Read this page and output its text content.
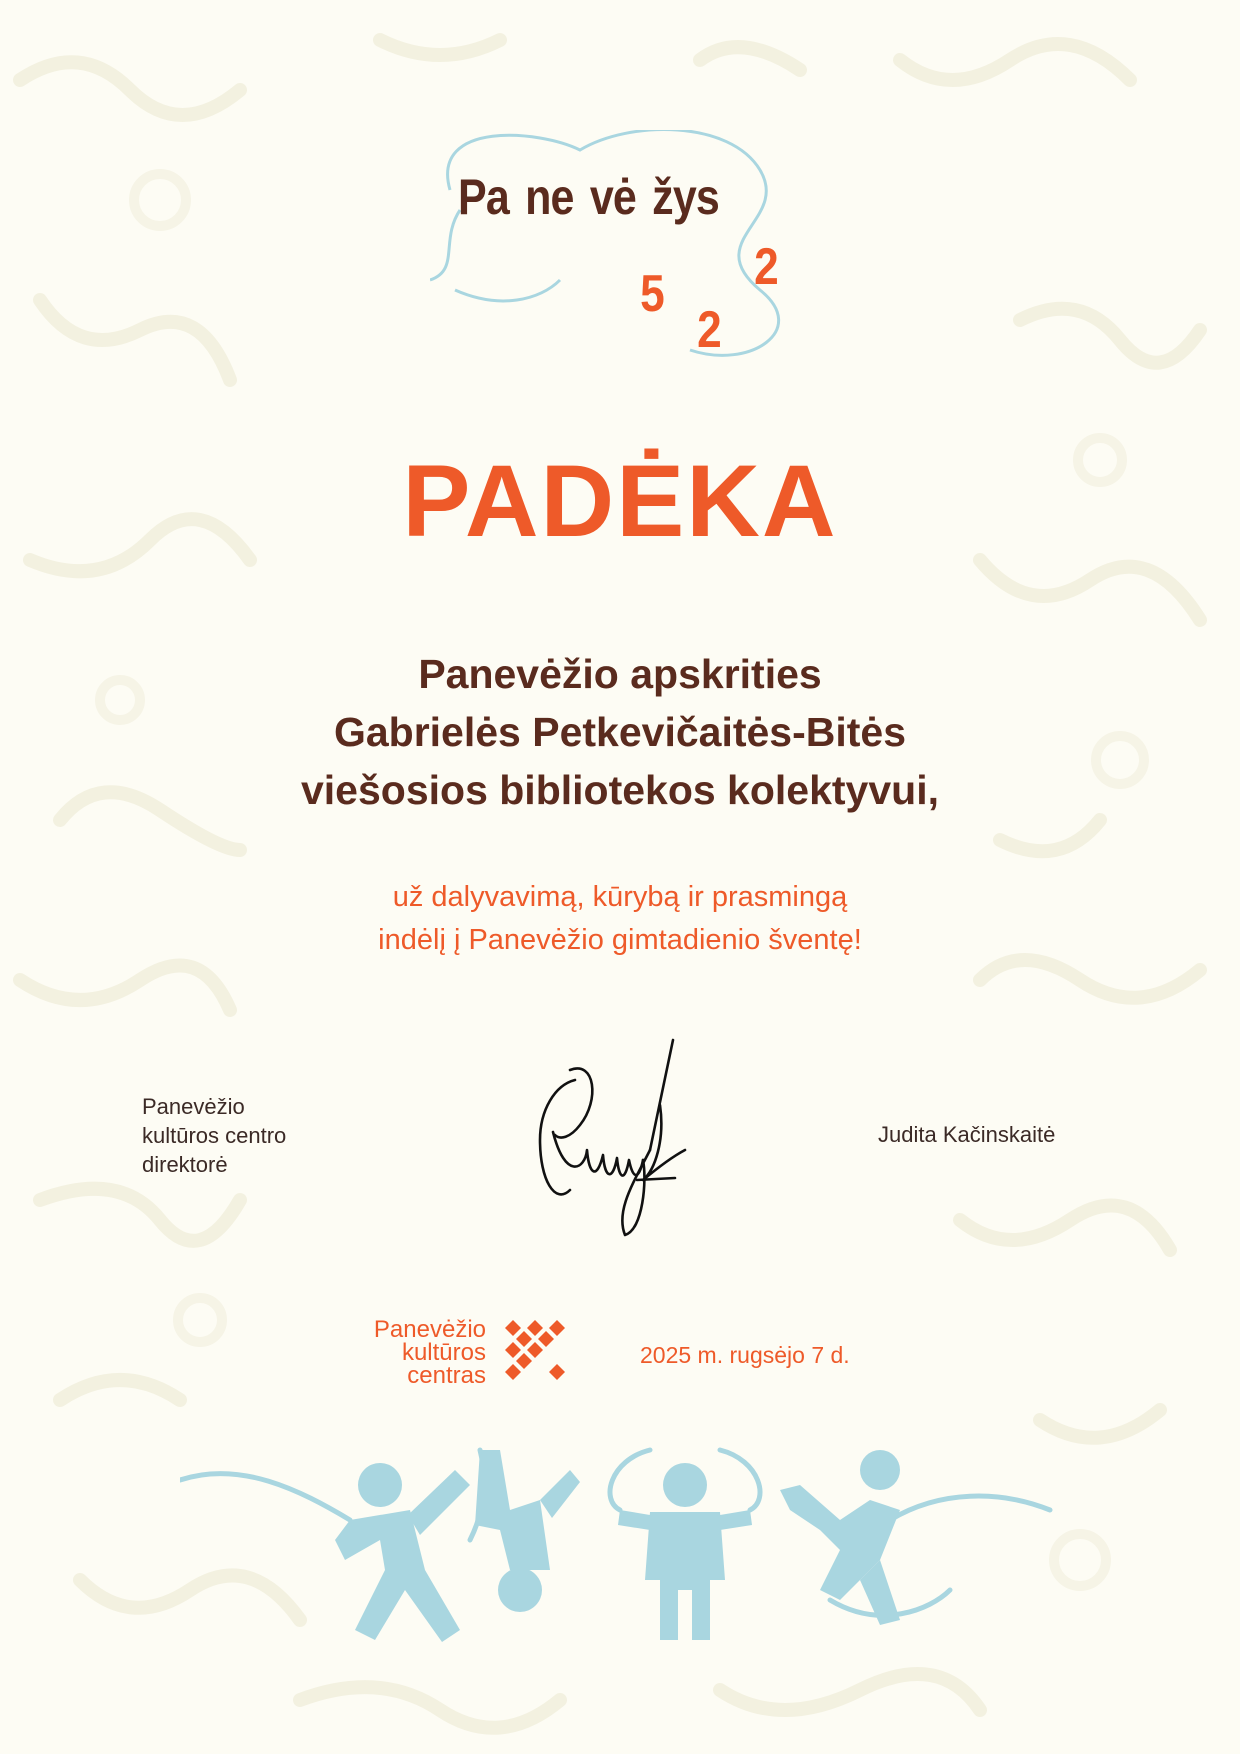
Pa ne vė žys
5
2
2
PADĖKA

Panevėžio apskrities
Gabrielės Petkevičaitės-Bitės
viešosios bibliotekos kolektyvui,

už dalyvavimą, kūrybą ir prasmingą
indėlį į Panevėžio gimtadienio šventę!

Panevėžio
kultūros centro
direktorė

Judita Kačinskaitė

Panevėžio
kultūros
centras

2025 m. rugsėjo 7 d.
